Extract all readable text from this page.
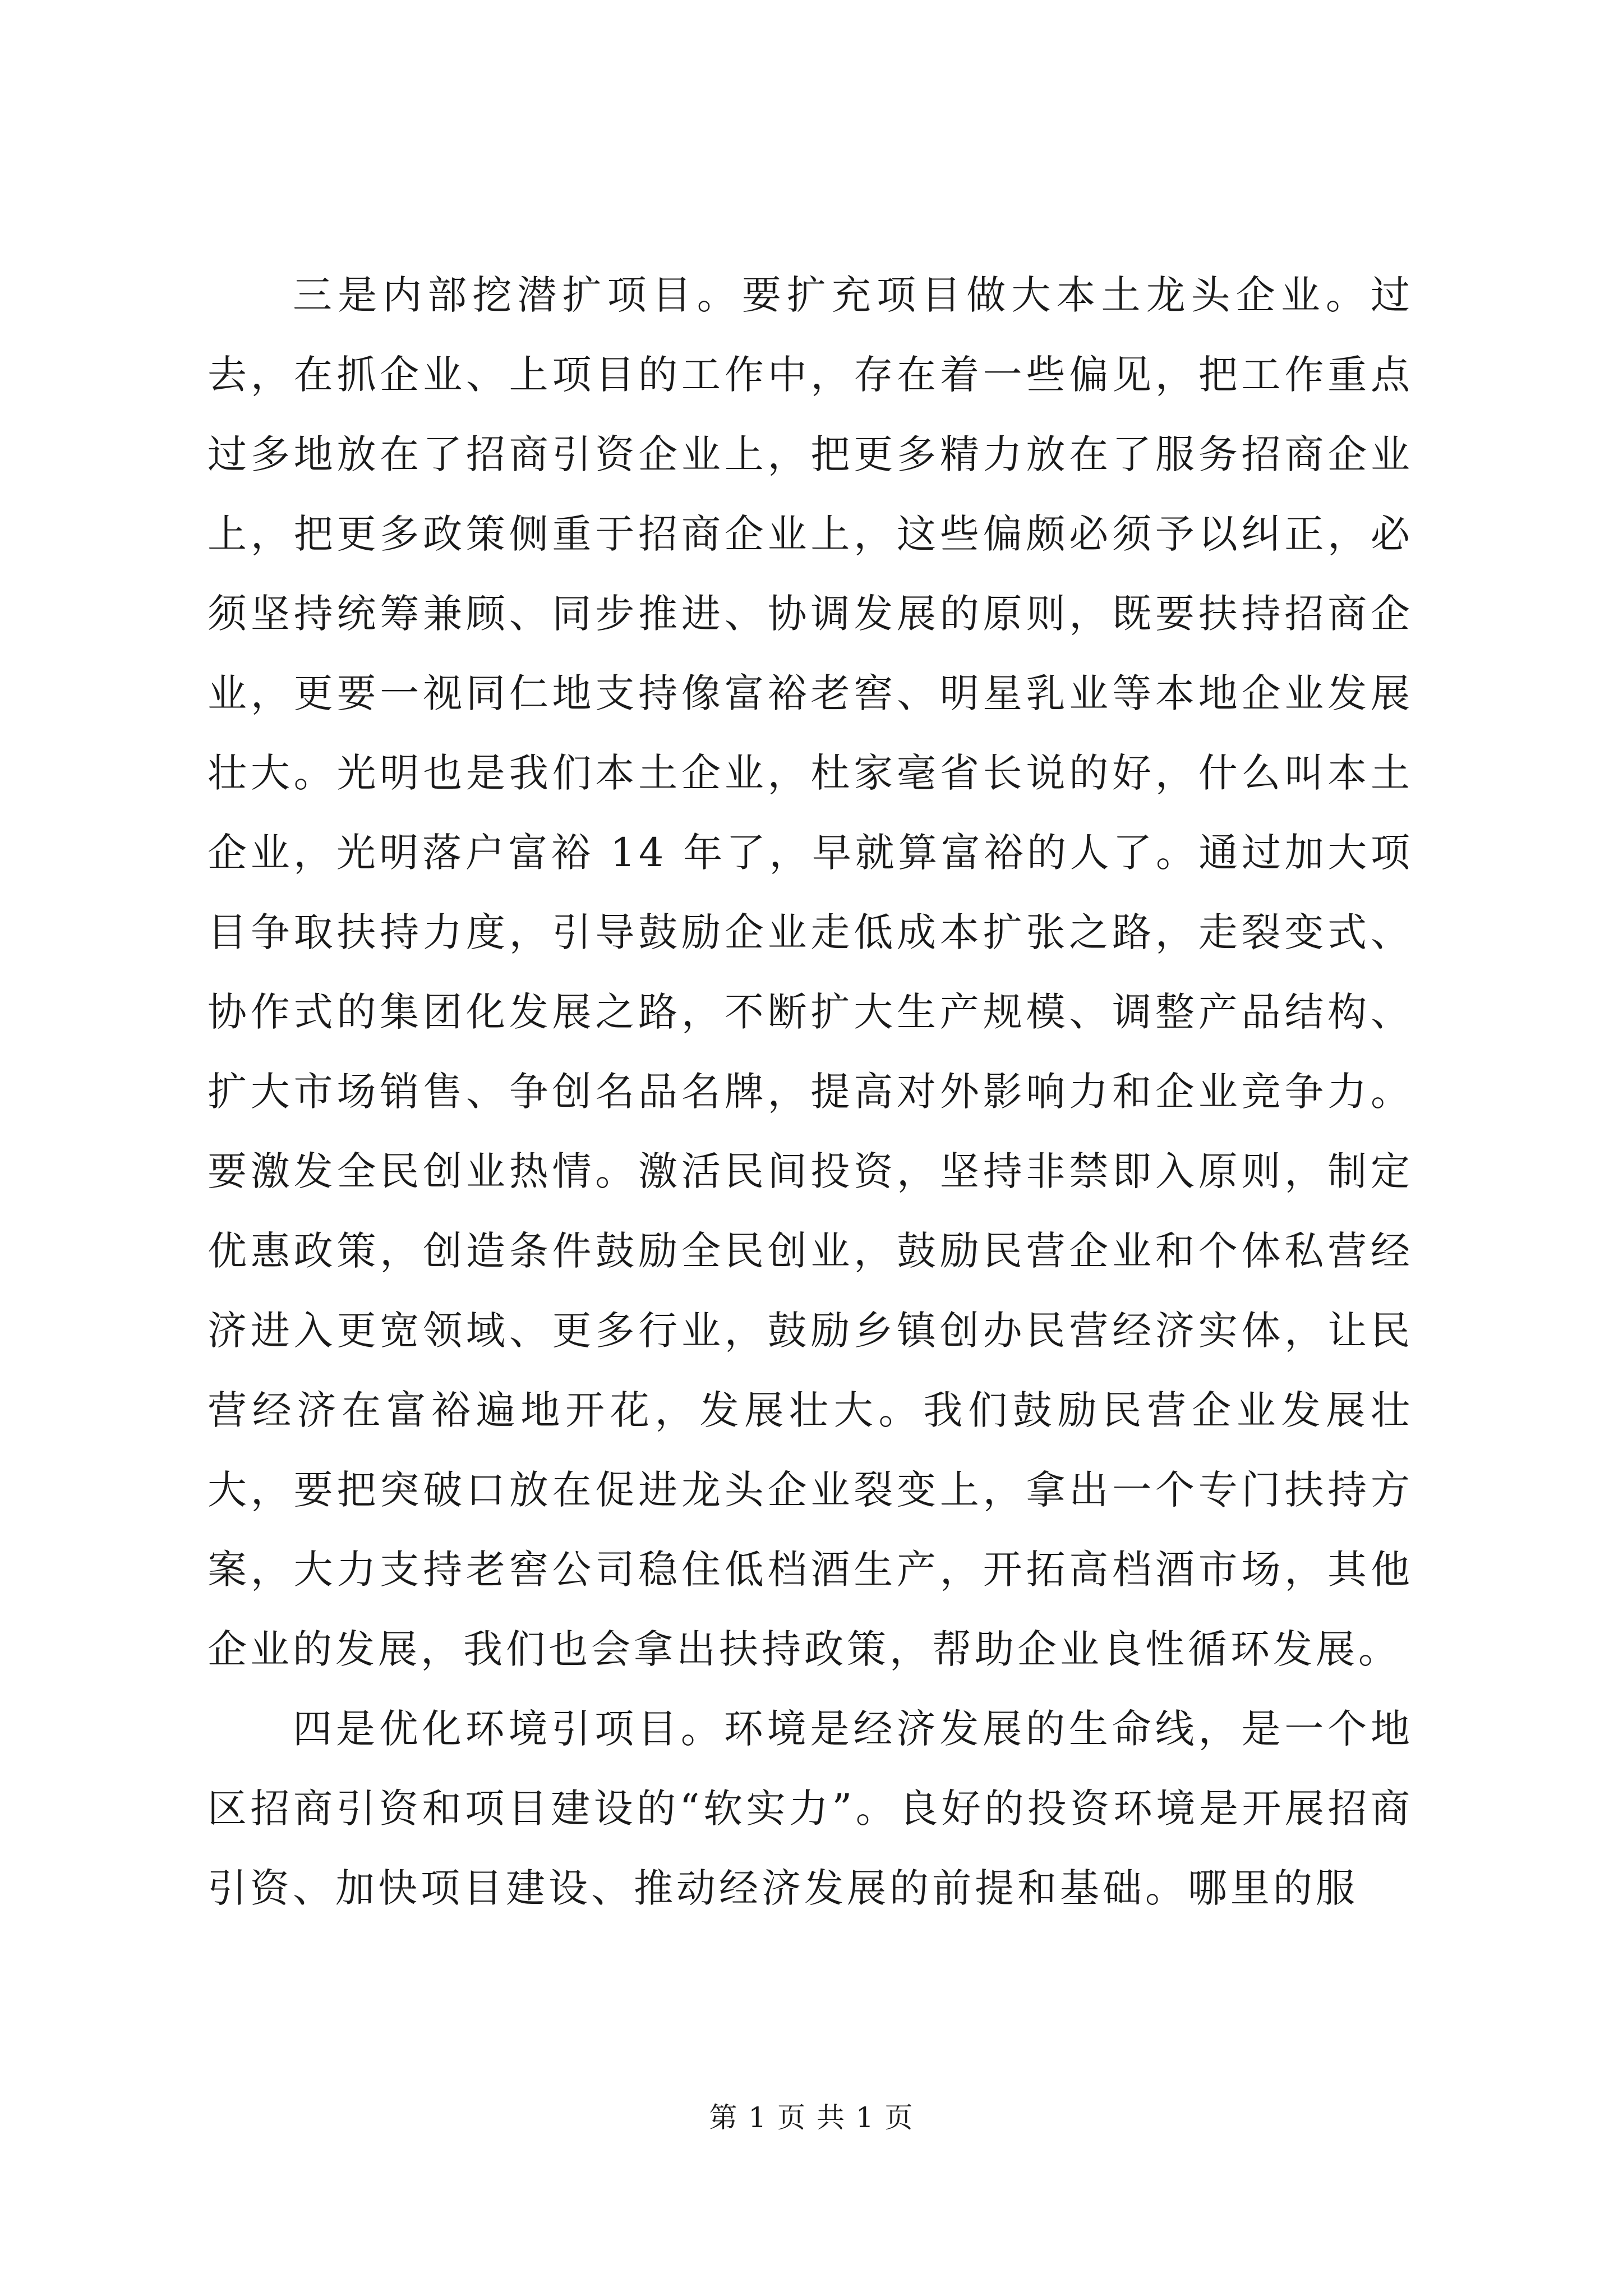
三是内部挖潜扩项目。要扩充项目做大本土龙头企业。过去，在抓企业、上项目的工作中，存在着一些偏见，把工作重点过多地放在了招商引资企业上，把更多精力放在了服务招商企业上，把更多政策侧重于招商企业上，这些偏颇必须予以纠正，必须坚持统筹兼顾、同步推进、协调发展的原则，既要扶持招商企业，更要一视同仁地支持像富裕老窖、明星乳业等本地企业发展壮大。光明也是我们本土企业，杜家毫省长说的好，什么叫本土企业，光明落户富裕 14 年了，早就算富裕的人了。通过加大项目争取扶持力度，引导鼓励企业走低成本扩张之路，走裂变式、协作式的集团化发展之路，不断扩大生产规模、调整产品结构、扩大市场销售、争创名品名牌，提高对外影响力和企业竞争力。要激发全民创业热情。激活民间投资，坚持非禁即入原则，制定优惠政策，创造条件鼓励全民创业，鼓励民营企业和个体私营经济进入更宽领域、更多行业，鼓励乡镇创办民营经济实体，让民营经济在富裕遍地开花，发展壮大。我们鼓励民营企业发展壮大，要把突破口放在促进龙头企业裂变上，拿出一个专门扶持方案，大力支持老窖公司稳住低档酒生产，开拓高档酒市场，其他企业的发展，我们也会拿出扶持政策，帮助企业良性循环发展。

四是优化环境引项目。环境是经济发展的生命线，是一个地区招商引资和项目建设的“软实力”。良好的投资环境是开展招商引资、加快项目建设、推动经济发展的前提和基础。哪里的服

第 1 页 共 1 页
